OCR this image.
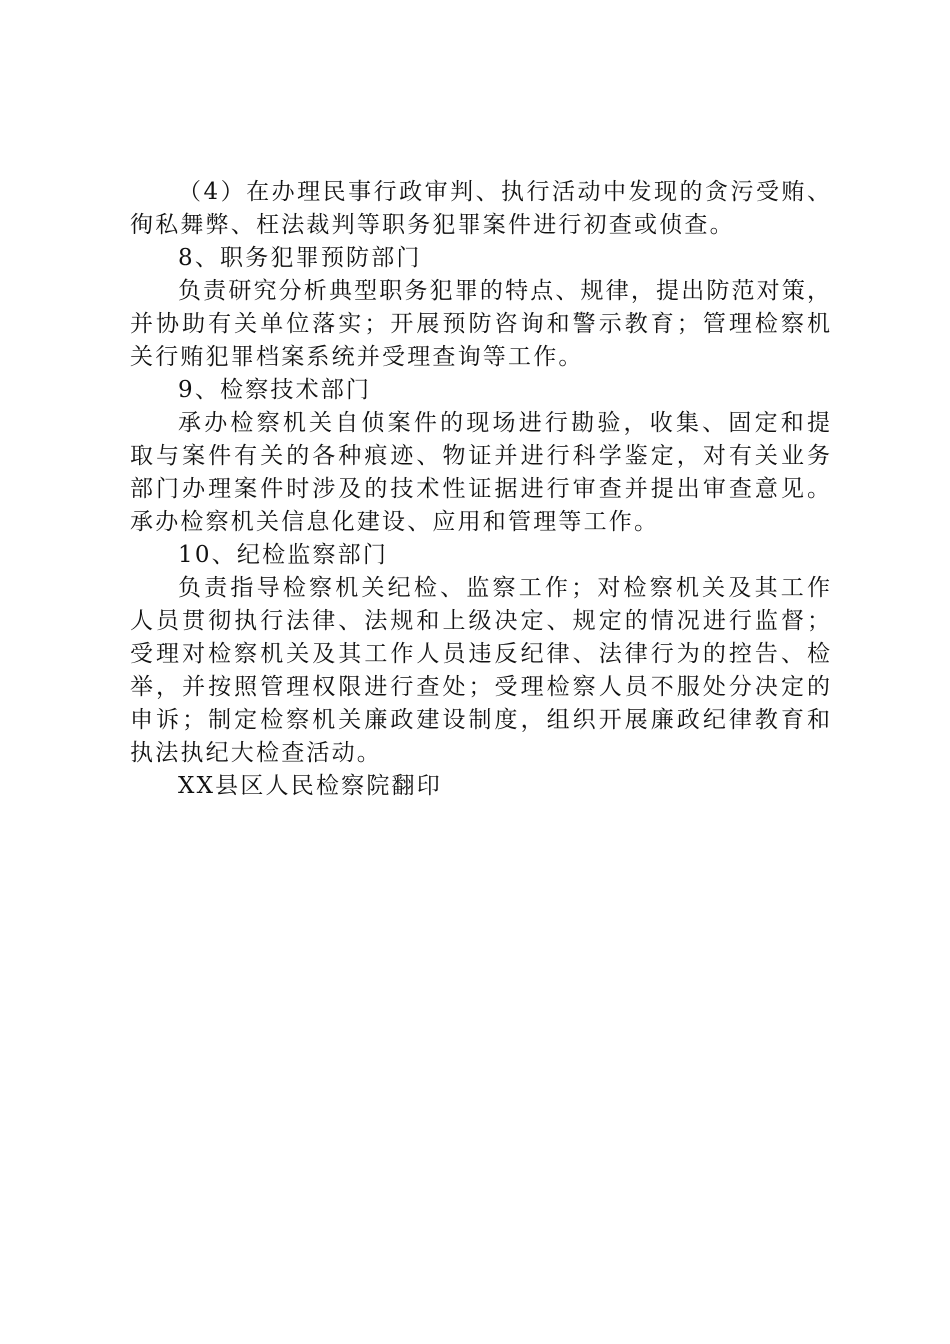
（4）在办理民事行政审判、执行活动中发现的贪污受贿、
徇私舞弊、枉法裁判等职务犯罪案件进行初查或侦查。
8、职务犯罪预防部门
负责研究分析典型职务犯罪的特点、规律，提出防范对策，
并协助有关单位落实；开展预防咨询和警示教育；管理检察机
关行贿犯罪档案系统并受理查询等工作。
9、检察技术部门
承办检察机关自侦案件的现场进行勘验，收集、固定和提
取与案件有关的各种痕迹、物证并进行科学鉴定，对有关业务
部门办理案件时涉及的技术性证据进行审查并提出审查意见。
承办检察机关信息化建设、应用和管理等工作。
10、纪检监察部门
负责指导检察机关纪检、监察工作；对检察机关及其工作
人员贯彻执行法律、法规和上级决定、规定的情况进行监督；
受理对检察机关及其工作人员违反纪律、法律行为的控告、检
举，并按照管理权限进行查处；受理检察人员不服处分决定的
申诉；制定检察机关廉政建设制度，组织开展廉政纪律教育和
执法执纪大检查活动。
XX县区人民检察院翻印
